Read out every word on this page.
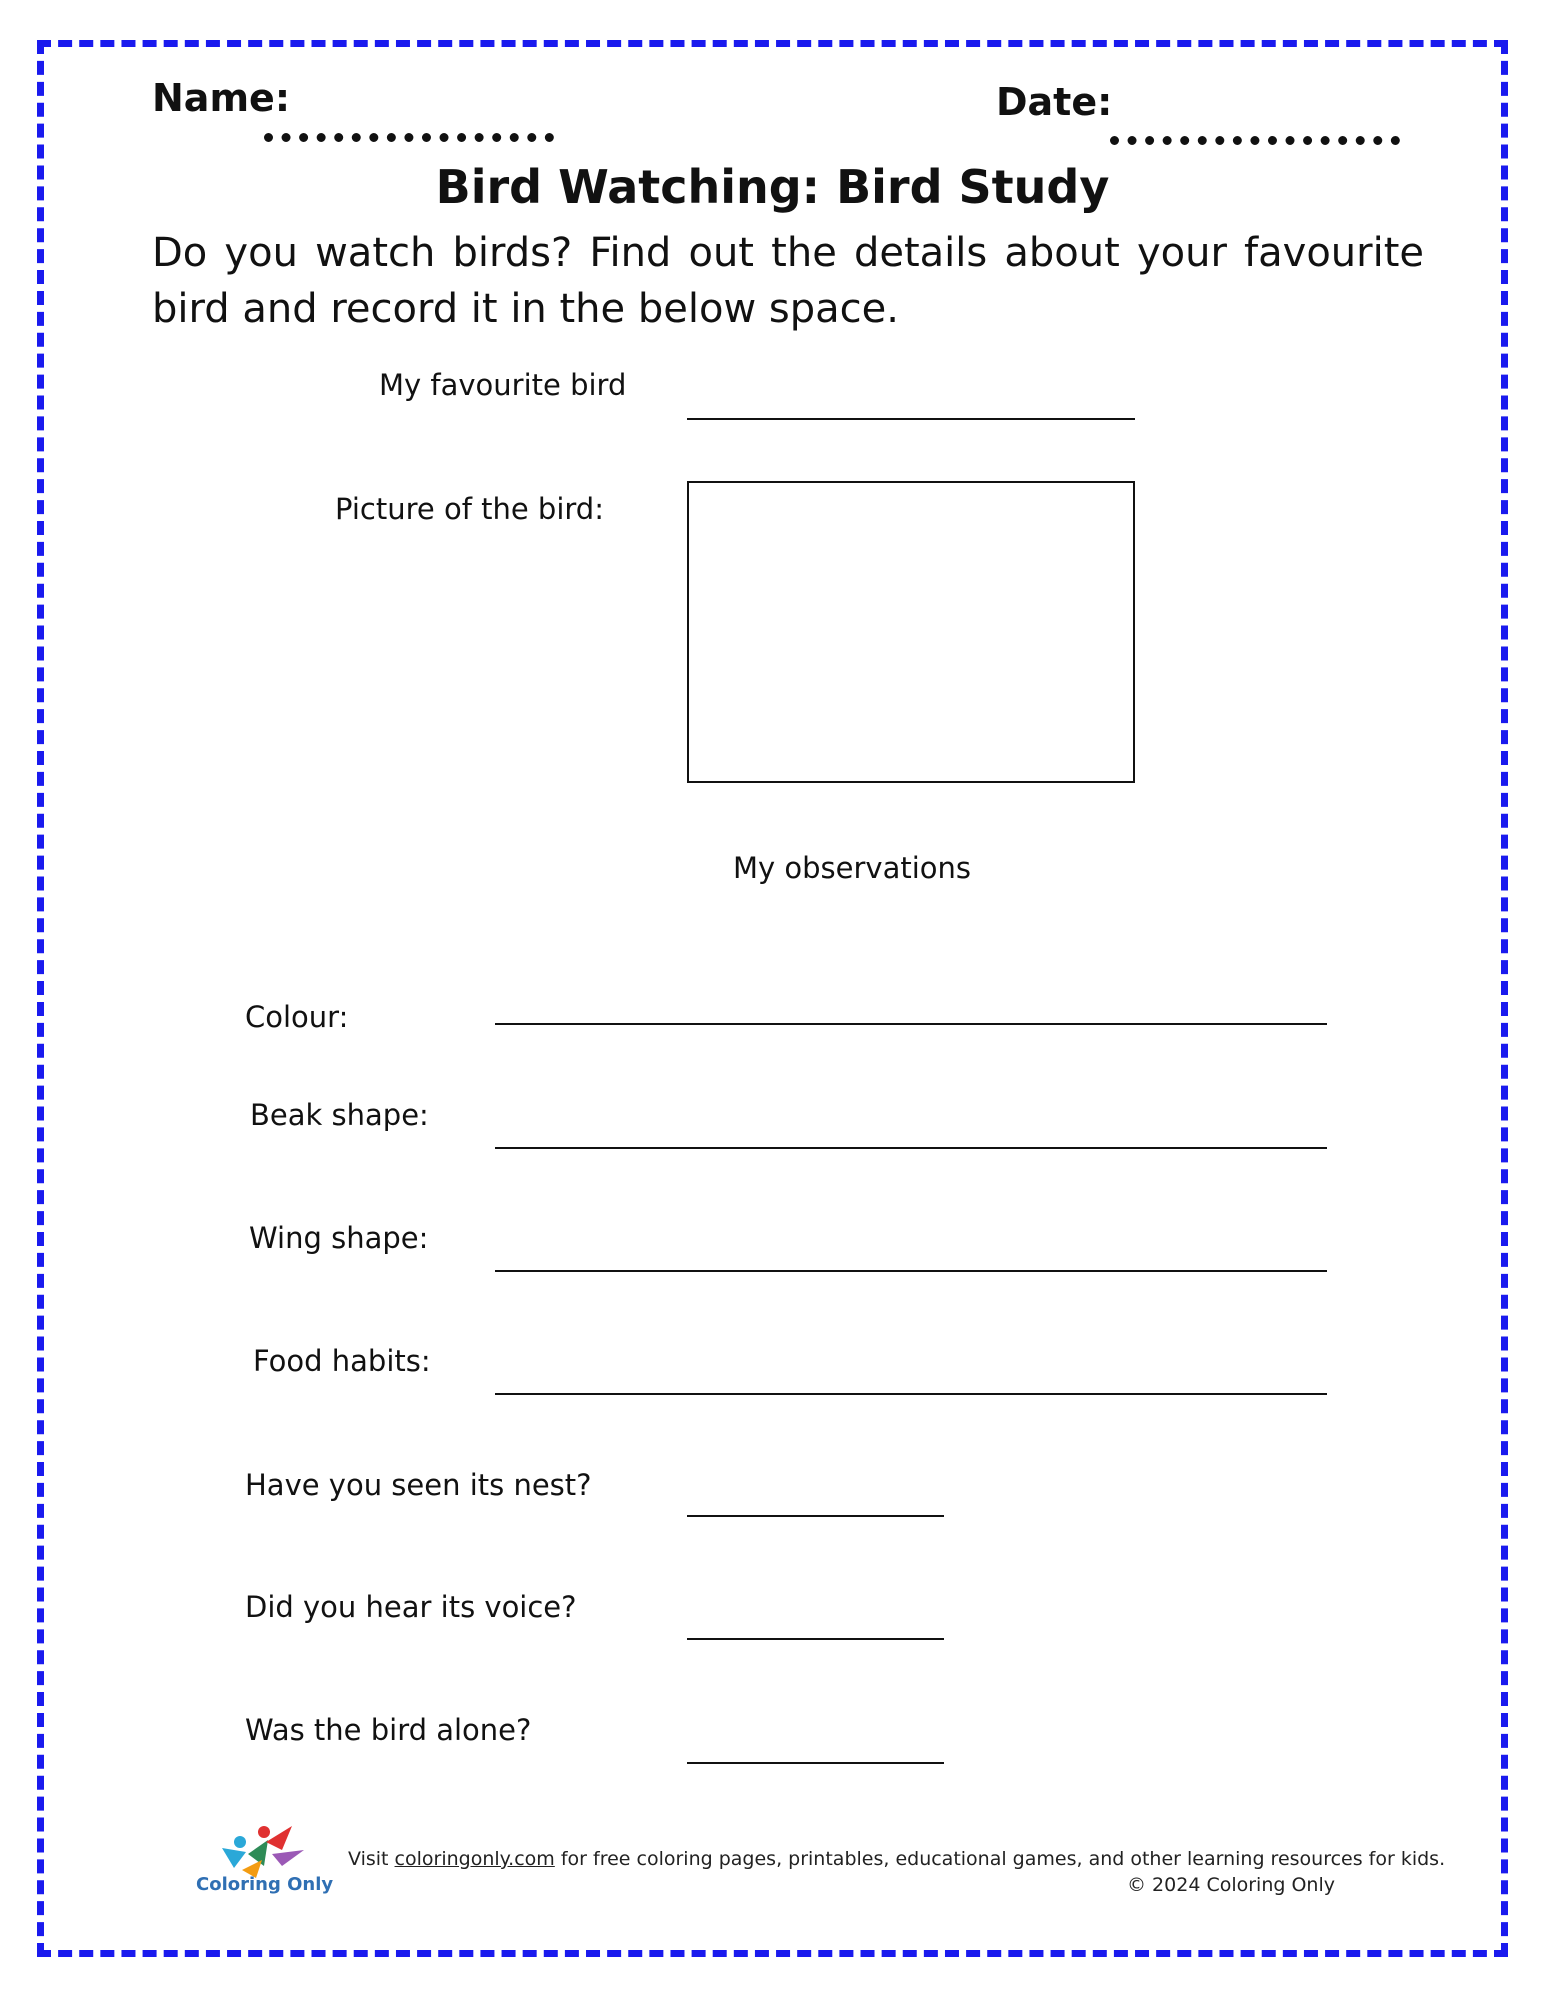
Name:	Date:
Bird Watching: Bird Study
Do you watch birds? Find out the details about your favourite bird and record it in the below space.
My favourite bird
Picture of the bird:
My observations
Colour:
Beak shape:
Wing shape:
Food habits:
Have you seen its nest?
Did you hear its voice?
Was the bird alone?
Coloring Only
Visit coloringonly.com for free coloring pages, printables, educational games, and other learning resources for kids.
© 2024 Coloring Only
